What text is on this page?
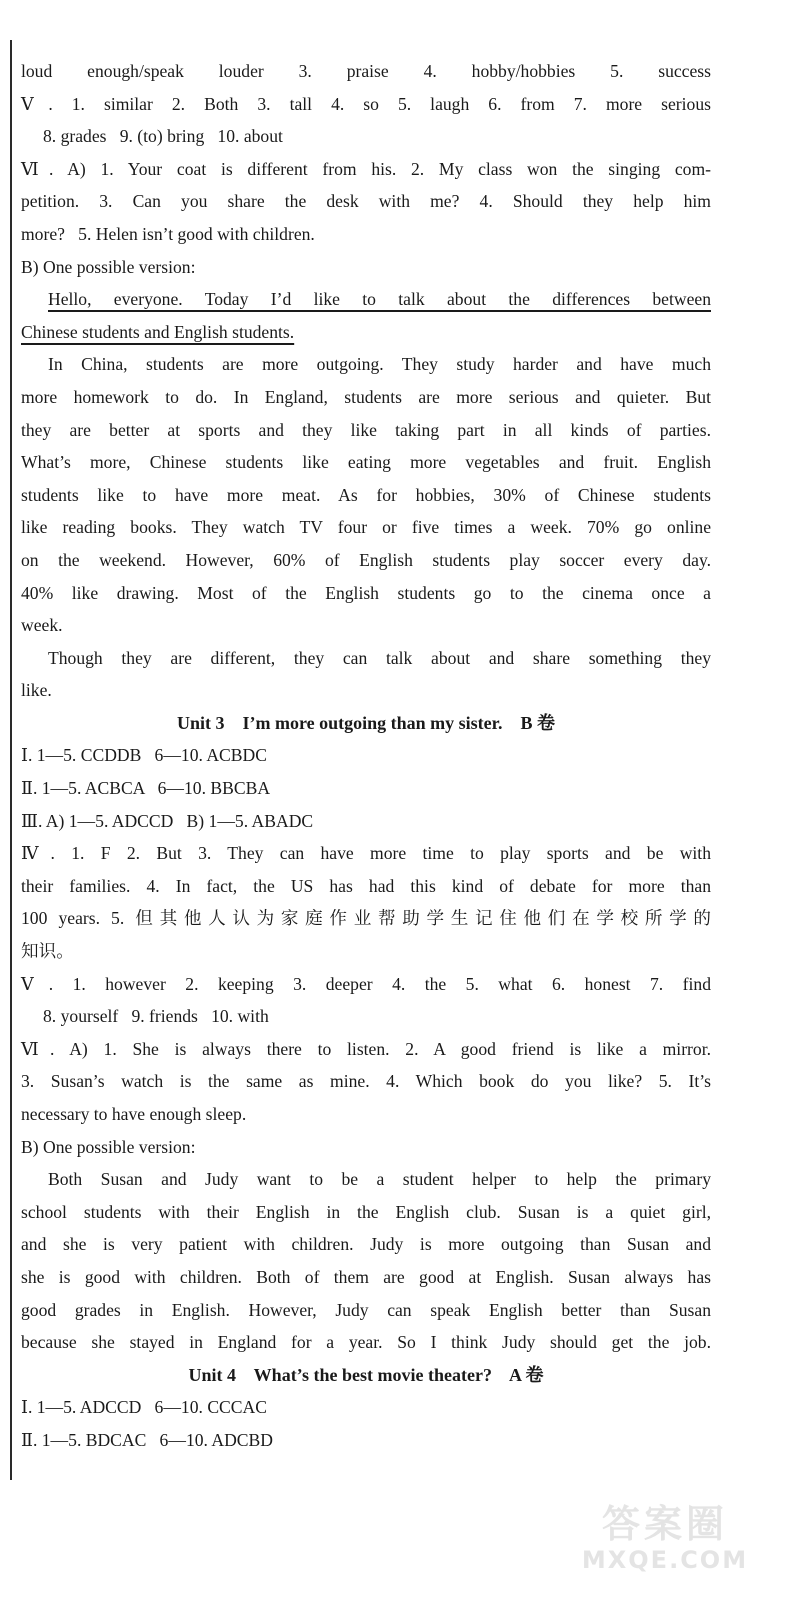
loud enough/speak louder 3. praise 4. hobby/hobbies 5. success
Ⅴ. 1. similar 2. Both 3. tall 4. so 5. laugh 6. from 7. more serious
8. grades   9. (to) bring   10. about
Ⅵ. A) 1. Your coat is different from his. 2. My class won the singing com-
petition. 3. Can you share the desk with me? 4. Should they help him
more?   5. Helen isn’t good with children.
B) One possible version:
Hello, everyone. Today I’d like to talk about the differences between
Chinese students and English students.
In China, students are more outgoing. They study harder and have much
more homework to do. In England, students are more serious and quieter. But
they are better at sports and they like taking part in all kinds of parties.
What’s more, Chinese students like eating more vegetables and fruit. English
students like to have more meat. As for hobbies, 30% of Chinese students
like reading books. They watch TV four or five times a week. 70% go online
on the weekend. However, 60% of English students play soccer every day.
40% like drawing. Most of the English students go to the cinema once a
week.
Though they are different, they can talk about and share something they
like.
Unit 3    I’m more outgoing than my sister.    B 卷
Ⅰ. 1—5. CCDDB   6—10. ACBDC
Ⅱ. 1—5. ACBCA   6—10. BBCBA
Ⅲ. A) 1—5. ADCCD   B) 1—5. ABADC
Ⅳ. 1. F 2. But 3. They can have more time to play sports and be with
their families. 4. In fact, the US has had this kind of debate for more than
100 years. 5. 但其他人认为家庭作业帮助学生记住他们在学校所学的
知识。
Ⅴ. 1. however 2. keeping 3. deeper 4. the 5. what 6. honest 7. find
8. yourself   9. friends   10. with
Ⅵ. A) 1. She is always there to listen. 2. A good friend is like a mirror.
3. Susan’s watch is the same as mine. 4. Which book do you like? 5. It’s
necessary to have enough sleep.
B) One possible version:
Both Susan and Judy want to be a student helper to help the primary
school students with their English in the English club. Susan is a quiet girl,
and she is very patient with children. Judy is more outgoing than Susan and
she is good with children. Both of them are good at English. Susan always has
good grades in English. However, Judy can speak English better than Susan
because she stayed in England for a year. So I think Judy should get the job.
Unit 4    What’s the best movie theater?    A 卷
Ⅰ. 1—5. ADCCD   6—10. CCCAC
Ⅱ. 1—5. BDCAC   6—10. ADCBD
答案圈
MXQE.COM
